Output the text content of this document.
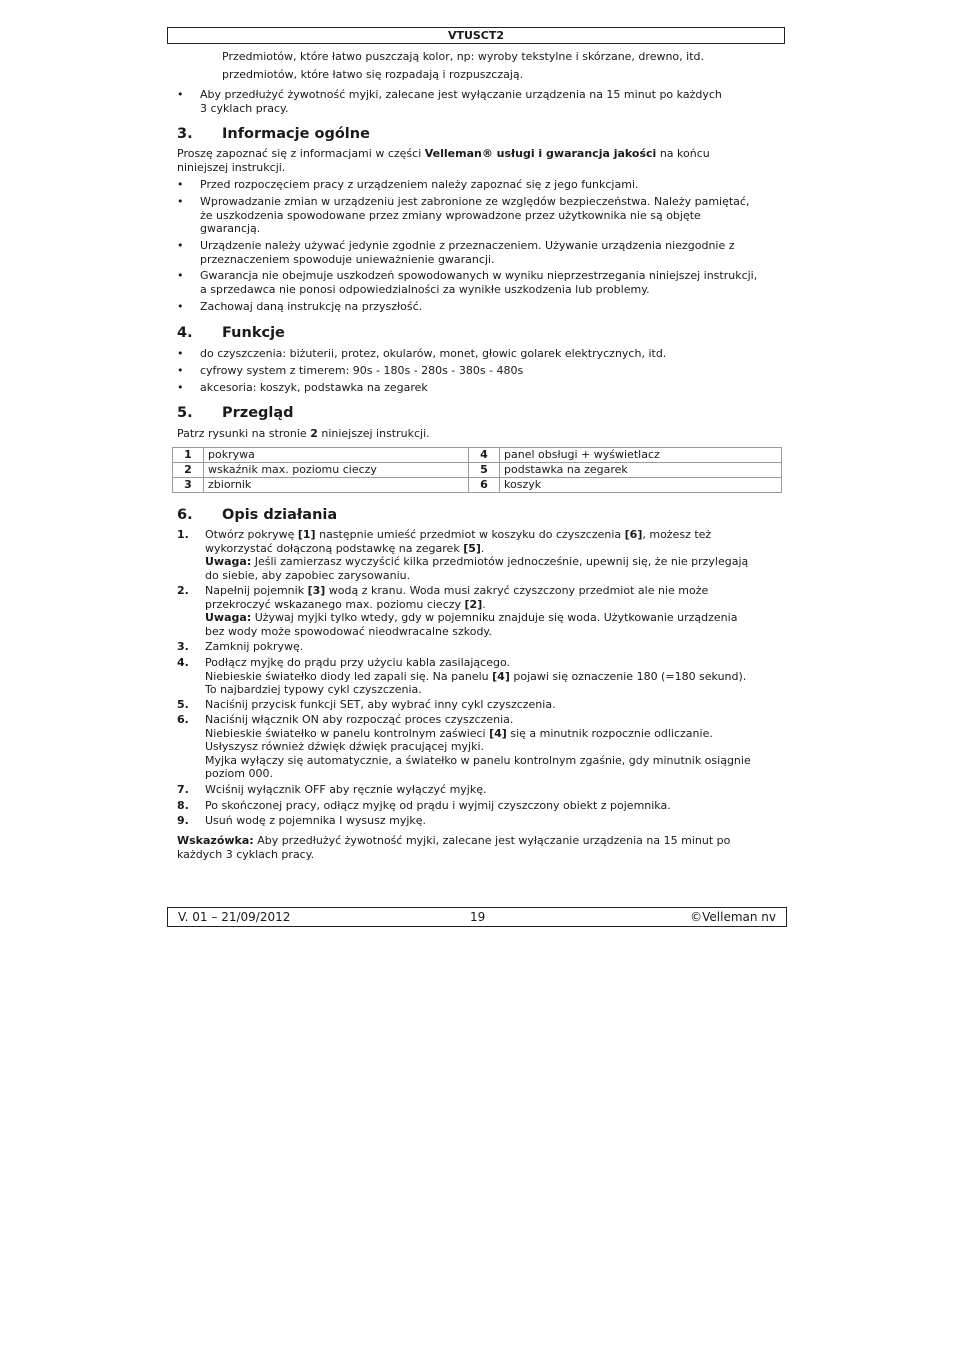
VTUSCT2
Przedmiotów, które łatwo puszczają kolor, np: wyroby tekstylne i skórzane, drewno, itd.
przedmiotów, które łatwo się rozpadają i rozpuszczają.
• Aby przedłużyć żywotność myjki, zalecane jest wyłączanie urządzenia na 15 minut po każdych
3 cyklach pracy.
3. Informacje ogólne
Proszę zapoznać się z informacjami w części Velleman® usługi i gwarancja jakości na końcu
niniejszej instrukcji.
• Przed rozpoczęciem pracy z urządzeniem należy zapoznać się z jego funkcjami.
• Wprowadzanie zmian w urządzeniu jest zabronione ze względów bezpieczeństwa. Należy pamiętać,
że uszkodzenia spowodowane przez zmiany wprowadzone przez użytkownika nie są objęte
gwarancją.
• Urządzenie należy używać jedynie zgodnie z przeznaczeniem. Używanie urządzenia niezgodnie z
przeznaczeniem spowoduje unieważnienie gwarancji.
• Gwarancja nie obejmuje uszkodzeń spowodowanych w wyniku nieprzestrzegania niniejszej instrukcji,
a sprzedawca nie ponosi odpowiedzialności za wynikłe uszkodzenia lub problemy.
• Zachowaj daną instrukcję na przyszłość.
4. Funkcje
• do czyszczenia: biżuterii, protez, okularów, monet, głowic golarek elektrycznych, itd.
• cyfrowy system z timerem: 90s - 180s - 280s - 380s - 480s
• akcesoria: koszyk, podstawka na zegarek
5. Przegląd
Patrz rysunki na stronie 2 niniejszej instrukcji.
1	pokrywa	4	panel obsługi + wyświetlacz
2	wskaźnik max. poziomu cieczy	5	podstawka na zegarek
3	zbiornik	6	koszyk
6. Opis działania
1. Otwórz pokrywę [1] następnie umieść przedmiot w koszyku do czyszczenia [6], możesz też
wykorzystać dołączoną podstawkę na zegarek [5].
Uwaga: Jeśli zamierzasz wyczyścić kilka przedmiotów jednocześnie, upewnij się, że nie przylegają
do siebie, aby zapobiec zarysowaniu.
2. Napełnij pojemnik [3] wodą z kranu. Woda musi zakryć czyszczony przedmiot ale nie może
przekroczyć wskazanego max. poziomu cieczy [2].
Uwaga: Używaj myjki tylko wtedy, gdy w pojemniku znajduje się woda. Użytkowanie urządzenia
bez wody może spowodować nieodwracalne szkody.
3. Zamknij pokrywę.
4. Podłącz myjkę do prądu przy użyciu kabla zasilającego.
Niebieskie światełko diody led zapali się. Na panelu [4] pojawi się oznaczenie 180 (=180 sekund).
To najbardziej typowy cykl czyszczenia.
5. Naciśnij przycisk funkcji SET, aby wybrać inny cykl czyszczenia.
6. Naciśnij włącznik ON aby rozpocząć proces czyszczenia.
Niebieskie światełko w panelu kontrolnym zaświeci [4] się a minutnik rozpocznie odliczanie.
Usłyszysz również dźwięk dźwięk pracującej myjki.
Myjka wyłączy się automatycznie, a światełko w panelu kontrolnym zgaśnie, gdy minutnik osiągnie
poziom 000.
7. Wciśnij wyłącznik OFF aby ręcznie wyłączyć myjkę.
8. Po skończonej pracy, odłącz myjkę od prądu i wyjmij czyszczony obiekt z pojemnika.
9. Usuń wodę z pojemnika I wysusz myjkę.
Wskazówka: Aby przedłużyć żywotność myjki, zalecane jest wyłączanie urządzenia na 15 minut po
każdych 3 cyklach pracy.
V. 01 – 21/09/2012	19	©Velleman nv
